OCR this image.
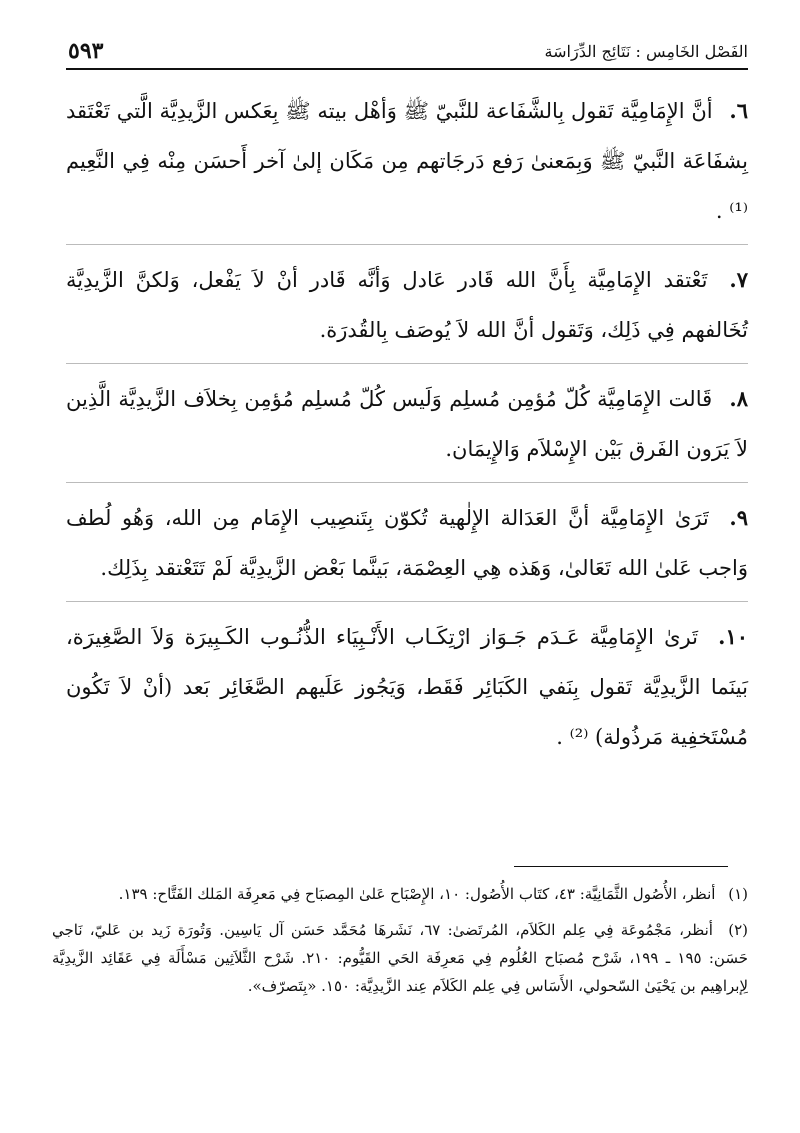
٥٩٣	الفَصْل الخَامِس : نَتَائِج الدِّرَاسَة
٦. أنَّ الإِمَامِيَّة تَقول بِالشَّفَاعة للنَّبيّ ﷺ وَأهْل بيته ﷺ بِعَكس الزَّيدِيَّة الَّتي تَعْتَقد بِشفَاعَة النَّبيّ ﷺ وَبِمَعنىٰ رَفع دَرجَاتهم مِن مَكَان إلىٰ آخر أَحسَن مِنْه فِي النَّعِيم ⁽¹⁾ .
٧. تَعْتقد الإِمَامِيَّة بِأَنَّ الله قَادر عَادل وَأنَّه قَادر أنْ لاَ يَفْعل، وَلكنَّ الزَّيدِيَّة تُخَالفهم فِي ذَلِك، وَتَقول أنَّ الله لاَ يُوصَف بِالقُدرَة.
٨. قَالت الإِمَامِيَّة كُلّ مُؤمِن مُسلِم وَلَيس كُلّ مُسلِم مُؤمِن بِخلاَف الزَّيدِيَّة الَّذِين لاَ يَرَون الفَرق بَيْن الإِسْلاَم وَالإِيمَان.
٩. تَرَىٰ الإِمَامِيَّة أنَّ العَدَالة الإِلٰهية تُكوّن بِتَنصِيب الإِمَام مِن الله، وَهُو لُطف وَاجب عَلىٰ الله تَعَالىٰ، وَهَذه هِي العِصْمَة، بَينَّما بَعْض الزَّيدِيَّة لَمْ تَتَعْتقد بِذَلِك.
١٠. تَرىٰ الإِمَامِيَّة عَـدَم جَـوَاز ارْتِكَـاب الأَنْـبِيَاء الذُّنُـوب الكَـبِيرَة وَلاَ الصَّغِيرَة، بَينَما الزَّيدِيَّة تَقول بِنَفي الكَبَائِر فَقَط، وَيَجُوز عَلَيهم الصَّغَائِر بَعد (أنْ لاَ تَكُون مُسْتَخفِية مَرذُولة) ⁽²⁾ .
(١) أنظر، الأُصُول الثَّمَانِيَّة: ٤٣، كتَاب الأُصُول: ١٠، الإِصْبَاح عَلىٰ المِصبَاح فِي مَعرِفَة المَلك الفَتَّاح: ١٣٩.
(٢) أنظر، مَجْمُوعَة فِي عِلم الكَلاَم، المُرتَضىٰ: ٦٧، نَشَرهَا مُحَمَّد حَسَن آل يَاسِين. وَتُورَة زَيد بن عَليّ، نَاجي حَسَن: ١٩٥ ـ ١٩٩، شَرْح مُصبَاح العُلُوم فِي مَعرِفَة الحَي القَيُّوم: ٢١٠. شَرْح الثَّلاَثِين مَسْأَلَة فِي عَقَائِد الزَّيدِيَّة لِإبراهِيم بن يَحْيَىٰ السّحولي، الأَسَاس فِي عِلم الكَلاَم عِند الزَّيدِيَّة: ١٥٠. «بِتَصرّف».
